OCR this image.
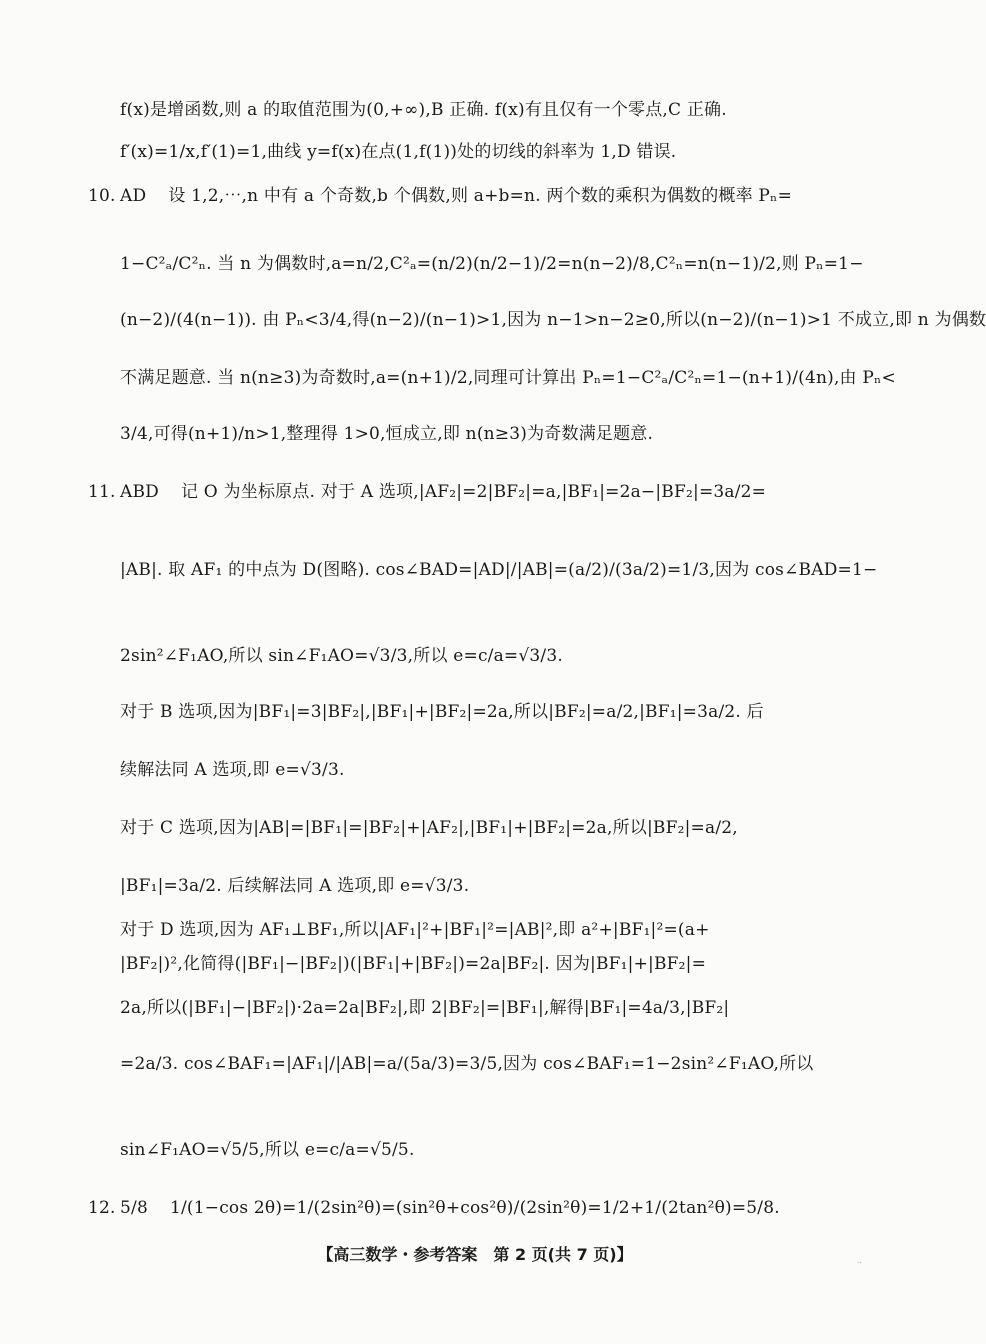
f(x)是增函数,则 a 的取值范围为(0,+∞),B 正确. f(x)有且仅有一个零点,C 正确.
f′(x)=1/x,f′(1)=1,曲线 y=f(x)在点(1,f(1))处的切线的斜率为 1,D 错误.
1−C²ₐ/C²ₙ. 当 n 为偶数时,a=n/2,C²ₐ=(n/2)(n/2−1)/2=n(n−2)/8,C²ₙ=n(n−1)/2,则 Pₙ=1−
(n−2)/(4(n−1)). 由 Pₙ<3/4,得(n−2)/(n−1)>1,因为 n−1>n−2≥0,所以(n−2)/(n−1)>1 不成立,即 n 为偶数
不满足题意. 当 n(n≥3)为奇数时,a=(n+1)/2,同理可计算出 Pₙ=1−C²ₐ/C²ₙ=1−(n+1)/(4n),由 Pₙ<
3/4,可得(n+1)/n>1,整理得 1>0,恒成立,即 n(n≥3)为奇数满足题意.
|AB|. 取 AF₁ 的中点为 D(图略). cos∠BAD=|AD|/|AB|=(a/2)/(3a/2)=1/3,因为 cos∠BAD=1−
2sin²∠F₁AO,所以 sin∠F₁AO=√3/3,所以 e=c/a=√3/3.
对于 B 选项,因为|BF₁|=3|BF₂|,|BF₁|+|BF₂|=2a,所以|BF₂|=a/2,|BF₁|=3a/2. 后
续解法同 A 选项,即 e=√3/3.
对于 C 选项,因为|AB|=|BF₁|=|BF₂|+|AF₂|,|BF₁|+|BF₂|=2a,所以|BF₂|=a/2,
|BF₁|=3a/2. 后续解法同 A 选项,即 e=√3/3.
对于 D 选项,因为 AF₁⊥BF₁,所以|AF₁|²+|BF₁|²=|AB|²,即 a²+|BF₁|²=(a+
|BF₂|)²,化简得(|BF₁|−|BF₂|)(|BF₁|+|BF₂|)=2a|BF₂|. 因为|BF₁|+|BF₂|=
2a,所以(|BF₁|−|BF₂|)·2a=2a|BF₂|,即 2|BF₂|=|BF₁|,解得|BF₁|=4a/3,|BF₂|
=2a/3. cos∠BAF₁=|AF₁|/|AB|=a/(5a/3)=3/5,因为 cos∠BAF₁=1−2sin²∠F₁AO,所以
sin∠F₁AO=√5/5,所以 e=c/a=√5/5.
10. AD 设 1,2,⋯,n 中有 a 个奇数,b 个偶数,则 a+b=n. 两个数的乘积为偶数的概率 Pₙ=
11. ABD 记 O 为坐标原点. 对于 A 选项,|AF₂|=2|BF₂|=a,|BF₁|=2a−|BF₂|=3a/2=
12. 5/8 1/(1−cos 2θ)=1/(2sin²θ)=(sin²θ+cos²θ)/(2sin²θ)=1/2+1/(2tan²θ)=5/8.
【高三数学・参考答案　第 2 页(共 7 页)】	..
